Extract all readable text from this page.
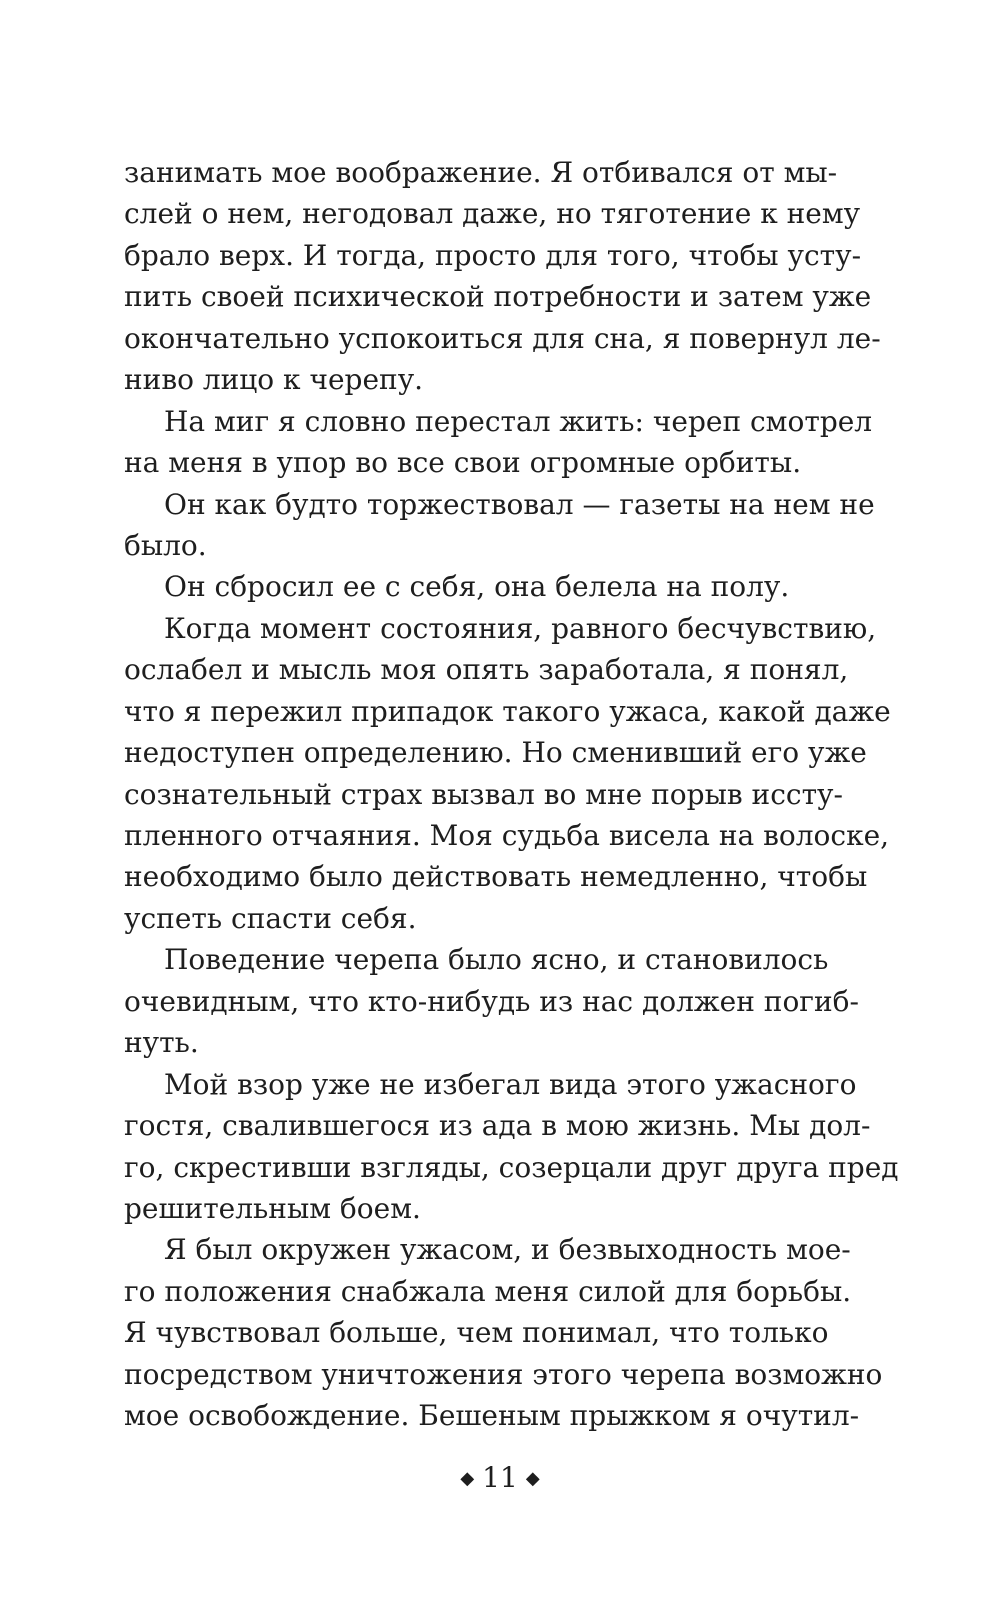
занимать мое воображение. Я отбивался от мы-
слей о нем, негодовал даже, но тяготение к нему
брало верх. И тогда, просто для того, чтобы усту-
пить своей психической потребности и затем уже
окончательно успокоиться для сна, я повернул ле-
ниво лицо к черепу.
На миг я словно перестал жить: череп смотрел
на меня в упор во все свои огромные орбиты.
Он как будто торжествовал — газеты на нем не
было.
Он сбросил ее с себя, она белела на полу.
Когда момент состояния, равного бесчувствию,
ослабел и мысль моя опять заработала, я понял,
что я пережил припадок такого ужаса, какой даже
недоступен определению. Но сменивший его уже
сознательный страх вызвал во мне порыв иссту-
пленного отчаяния. Моя судьба висела на волоске,
необходимо было действовать немедленно, чтобы
успеть спасти себя.
Поведение черепа было ясно, и становилось
очевидным, что кто-нибудь из нас должен погиб-
нуть.
Мой взор уже не избегал вида этого ужасного
гостя, свалившегося из ада в мою жизнь. Мы дол-
го, скрестивши взгляды, созерцали друг друга пред
решительным боем.
Я был окружен ужасом, и безвыходность мое-
го положения снабжала меня силой для борьбы.
Я чувствовал больше, чем понимал, что только
посредством уничтожения этого черепа возможно
мое освобождение. Бешеным прыжком я очутил-
◆ 11 ◆
